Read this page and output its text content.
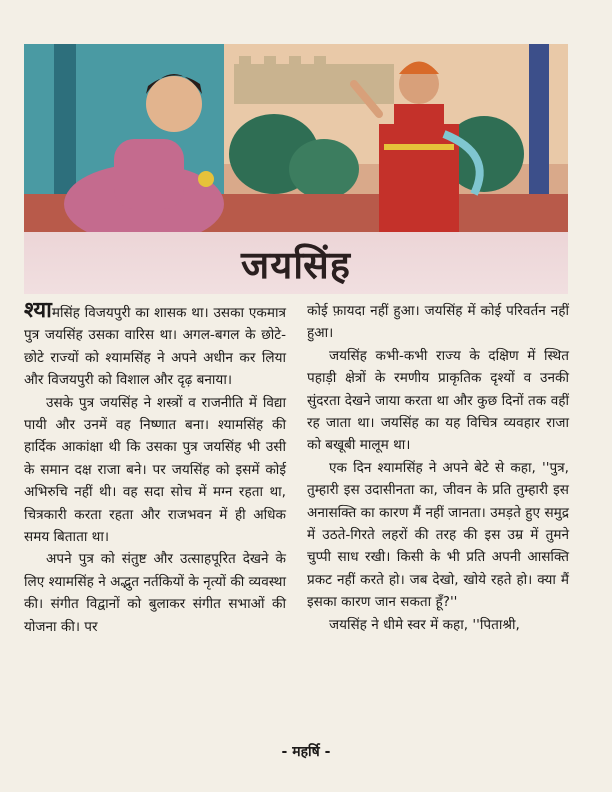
जयसिंह

श्यामसिंह विजयपुरी का शासक था। उसका एकमात्र पुत्र जयसिंह उसका वारिस था। अगल-बगल के छोटे-छोटे राज्यों को श्यामसिंह ने अपने अधीन कर लिया और विजयपुरी को विशाल और दृढ़ बनाया।

उसके पुत्र जयसिंह ने शस्त्रों व राजनीति में विद्या पायी और उनमें वह निष्णात बना। श्यामसिंह की हार्दिक आकांक्षा थी कि उसका पुत्र जयसिंह भी उसी के समान दक्ष राजा बने। पर जयसिंह को इसमें कोई अभिरुचि नहीं थी। वह सदा सोच में मग्न रहता था, चित्रकारी करता रहता और राजभवन में ही अधिक समय बिताता था।

अपने पुत्र को संतुष्ट और उत्साहपूरित देखने के लिए श्यामसिंह ने अद्भुत नर्तकियों के नृत्यों की व्यवस्था की। संगीत विद्वानों को बुलाकर संगीत सभाओं की योजना की। पर

कोई फ़ायदा नहीं हुआ। जयसिंह में कोई परिवर्तन नहीं हुआ।

जयसिंह कभी-कभी राज्य के दक्षिण में स्थित पहाड़ी क्षेत्रों के रमणीय प्राकृतिक दृश्यों व उनकी सुंदरता देखने जाया करता था और कुछ दिनों तक वहीं रह जाता था। जयसिंह का यह विचित्र व्यवहार राजा को बखूबी मालूम था।

एक दिन श्यामसिंह ने अपने बेटे से कहा, ''पुत्र, तुम्हारी इस उदासीनता का, जीवन के प्रति तुम्हारी इस अनासक्ति का कारण मैं नहीं जानता। उमड़ते हुए समुद्र में उठते-गिरते लहरों की तरह की इस उम्र में तुमने चुप्पी साध रखी। किसी के भी प्रति अपनी आसक्ति प्रकट नहीं करते हो। जब देखो, खोये रहते हो। क्या मैं इसका कारण जान सकता हूँ?''

जयसिंह ने धीमे स्वर में कहा, ''पिताश्री,

- महर्षि -
